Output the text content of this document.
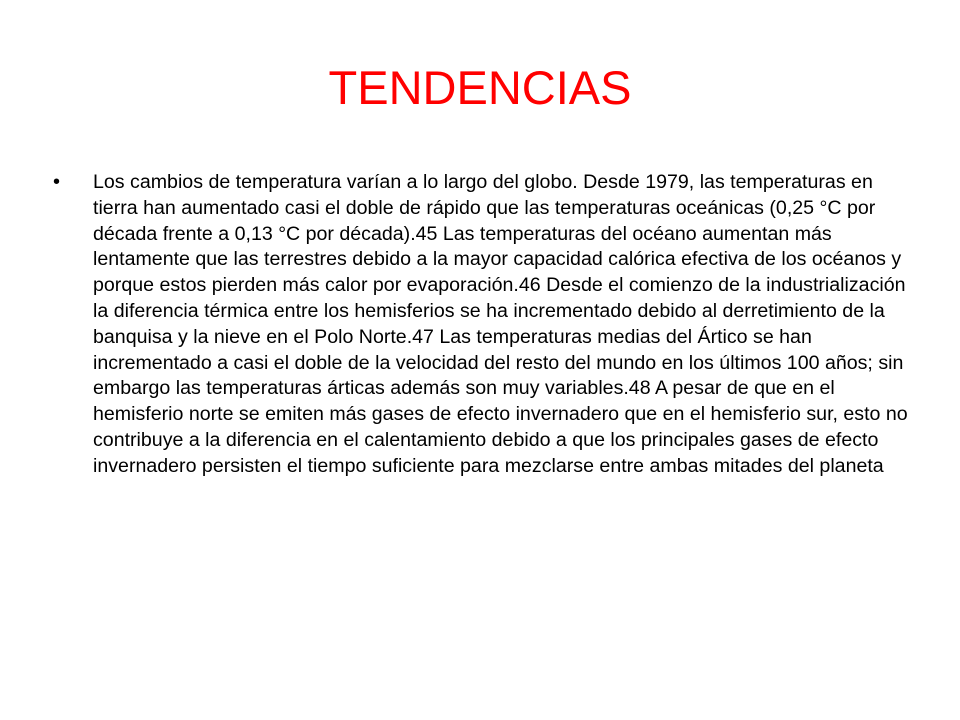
TENDENCIAS
• Los cambios de temperatura varían a lo largo del globo. Desde 1979, las temperaturas en tierra han aumentado casi el doble de rápido que las temperaturas oceánicas (0,25 °C por década frente a 0,13 °C por década).45 Las temperaturas del océano aumentan más lentamente que las terrestres debido a la mayor capacidad calórica efectiva de los océanos y porque estos pierden más calor por evaporación.46 Desde el comienzo de la industrialización la diferencia térmica entre los hemisferios se ha incrementado debido al derretimiento de la banquisa y la nieve en el Polo Norte.47 Las temperaturas medias del Ártico se han incrementado a casi el doble de la velocidad del resto del mundo en los últimos 100 años; sin embargo las temperaturas árticas además son muy variables.48 A pesar de que en el hemisferio norte se emiten más gases de efecto invernadero que en el hemisferio sur, esto no contribuye a la diferencia en el calentamiento debido a que los principales gases de efecto invernadero persisten el tiempo suficiente para mezclarse entre ambas mitades del planeta
